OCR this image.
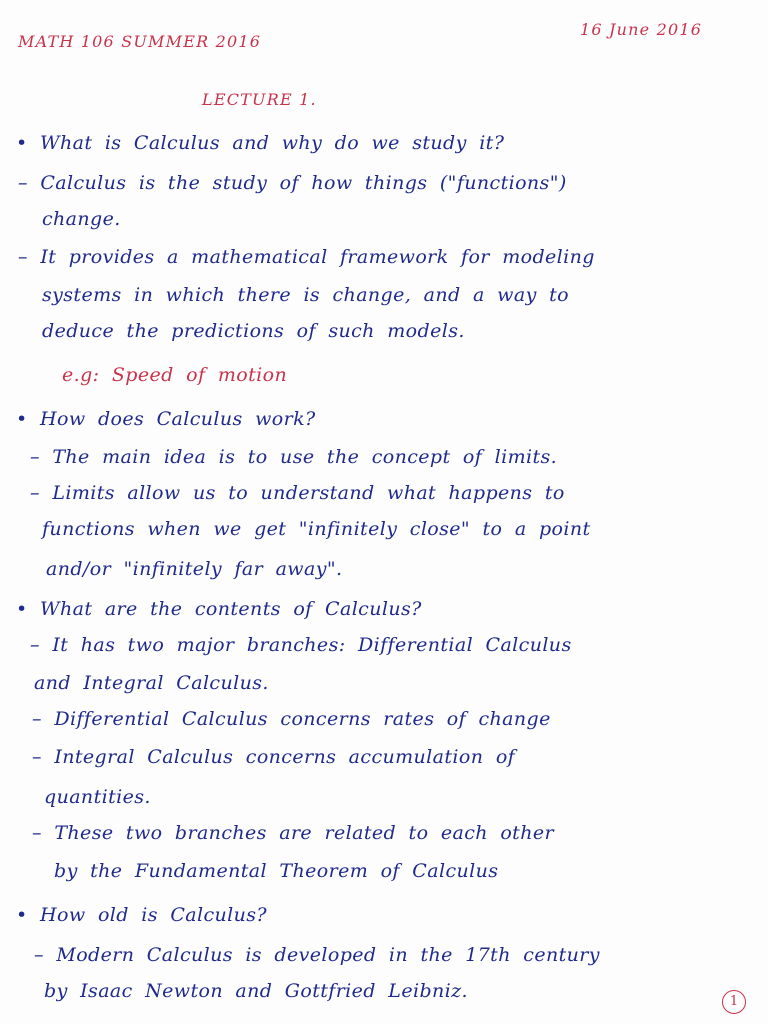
MATH 106 SUMMER 2016
16 June 2016
LECTURE 1.
• What is Calculus and why do we study it?
– Calculus is the study of how things ("functions")
change.
– It provides a mathematical framework for modeling
systems in which there is change, and a way to
deduce the predictions of such models.
e.g: Speed of motion
• How does Calculus work?
– The main idea is to use the concept of limits.
– Limits allow us to understand what happens to
functions when we get "infinitely close" to a point
and/or "infinitely far away".
• What are the contents of Calculus?
– It has two major branches: Differential Calculus
and Integral Calculus.
– Differential Calculus concerns rates of change
– Integral Calculus concerns accumulation of
quantities.
– These two branches are related to each other
by the Fundamental Theorem of Calculus
• How old is Calculus?
– Modern Calculus is developed in the 17th century
by Isaac Newton and Gottfried Leibniz.	1
